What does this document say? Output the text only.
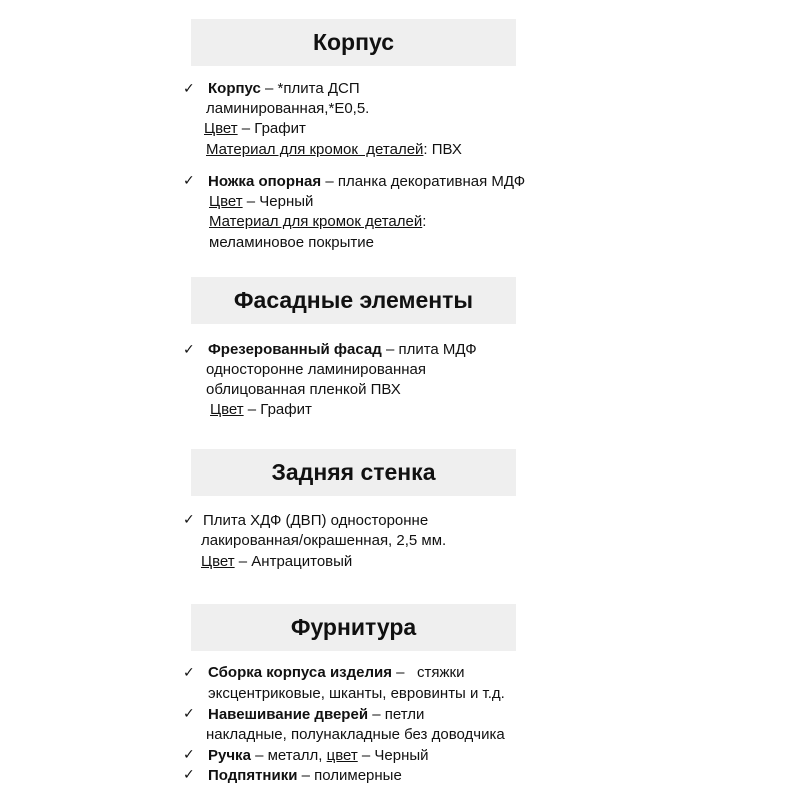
Корпус
✓ Корпус – *плита ДСП
ламинированная,*Е0,5.
Цвет – Графит
Материал для кромок  деталей: ПВХ
✓ Ножка опорная – планка декоративная МДФ
Цвет – Черный
Материал для кромок деталей:
меламиновое покрытие
Фасадные элементы
✓ Фрезерованный фасад – плита МДФ
односторонне ламинированная
облицованная пленкой ПВХ
Цвет – Графит
Задняя стенка
✓ Плита ХДФ (ДВП) односторонне
лакированная/окрашенная, 2,5 мм.
Цвет – Антрацитовый
Фурнитура
✓ Сборка корпуса изделия –   стяжки
эксцентриковые, шканты, евровинты и т.д.
✓ Навешивание дверей – петли
накладные, полунакладные без доводчика
✓ Ручка – металл, цвет – Черный
✓ Подпятники – полимерные
